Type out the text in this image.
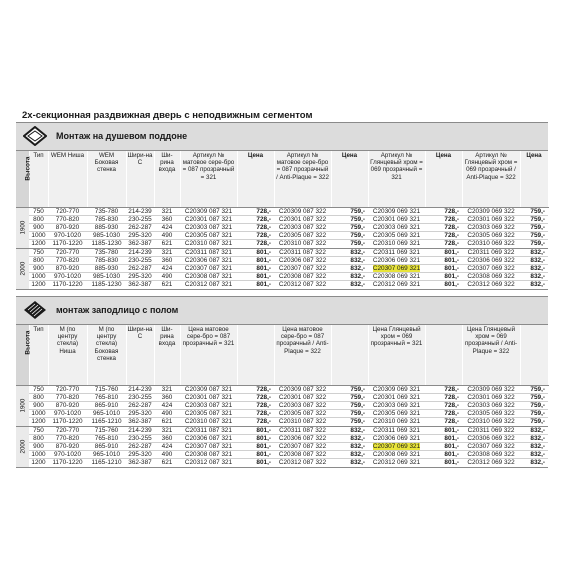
2х-секционная раздвижная дверь с неподвижным сегментом
Монтаж на душевом поддоне
Высота	Тип	WEM Ниша	WEM Боковая стенка	Шири-на С	Ши-рина входа	Артикул № матовое сере-бро = 087 прозрачный = 321	Цена	Артикул № матовое сере-бро = 087 прозрачный / Anti-Plaque = 322	Цена	Артикул № Глянцевый хром = 069 прозрачный = 321	Цена	Артикул № Глянцевый хром = 069 прозрачный / Anti-Plaque = 322	Цена
1900	750	720-770	735-780	214-239	321	C20309 087 321	728,-	C20309 087 322	759,-	C20309 069 321	728,-	C20309 069 322	759,-
	800	770-820	785-830	230-255	360	C20301 087 321	728,-	C20301 087 322	759,-	C20301 069 321	728,-	C20301 069 322	759,-
	900	870-920	885-930	262-287	424	C20303 087 321	728,-	C20303 087 322	759,-	C20303 069 321	728,-	C20303 069 322	759,-
	1000	970-1020	985-1030	295-320	490	C20305 087 321	728,-	C20305 087 322	759,-	C20305 069 321	728,-	C20305 069 322	759,-
	1200	1170-1220	1185-1230	362-387	621	C20310 087 321	728,-	C20310 087 322	759,-	C20310 069 321	728,-	C20310 069 322	759,-
2000	750	720-770	735-780	214-239	321	C20311 087 321	801,-	C20311 087 322	832,-	C20311 069 321	801,-	C20311 069 322	832,-
	800	770-820	785-830	230-255	360	C20306 087 321	801,-	C20306 087 322	832,-	C20306 069 321	801,-	C20306 069 322	832,-
	900	870-920	885-930	262-287	424	C20307 087 321	801,-	C20307 087 322	832,-	C20307 069 321	801,-	C20307 069 322	832,-
	1000	970-1020	985-1030	295-320	490	C20308 087 321	801,-	C20308 087 322	832,-	C20308 069 321	801,-	C20308 069 322	832,-
	1200	1170-1220	1185-1230	362-387	621	C20312 087 321	801,-	C20312 087 322	832,-	C20312 069 321	801,-	C20312 069 322	832,-
монтаж заподлицо с полом
Высота	Тип	М (по центру стекла) Ниша	М (по центру стекла) Боковая стенка	Шири-на С	Ши-рина входа	Цена матовое сере-бро = 087 прозрачный = 321		Цена матовое сере-бро = 087 прозрачный / Anti-Plaque = 322		Цена Глянцевый хром = 069 прозрачный = 321		Цена Глянцевый хром = 069 прозрачный / Anti-Plaque = 322	
1900	750	720-770	715-760	214-239	321	C20309 087 321	728,-	C20309 087 322	759,-	C20309 069 321	728,-	C20309 069 322	759,-
	800	770-820	765-810	230-255	360	C20301 087 321	728,-	C20301 087 322	759,-	C20301 069 321	728,-	C20301 069 322	759,-
	900	870-920	865-910	262-287	424	C20303 087 321	728,-	C20303 087 322	759,-	C20303 069 321	728,-	C20303 069 322	759,-
	1000	970-1020	965-1010	295-320	490	C20305 087 321	728,-	C20305 087 322	759,-	C20305 069 321	728,-	C20305 069 322	759,-
	1200	1170-1220	1165-1210	362-387	621	C20310 087 321	728,-	C20310 087 322	759,-	C20310 069 321	728,-	C20310 069 322	759,-
2000	750	720-770	715-760	214-239	321	C20311 087 321	801,-	C20311 087 322	832,-	C20311 069 321	801,-	C20311 069 322	832,-
	800	770-820	765-810	230-255	360	C20306 087 321	801,-	C20306 087 322	832,-	C20306 069 321	801,-	C20306 069 322	832,-
	900	870-920	865-910	262-287	424	C20307 087 321	801,-	C20307 087 322	832,-	C20307 069 321	801,-	C20307 069 322	832,-
	1000	970-1020	965-1010	295-320	490	C20308 087 321	801,-	C20308 087 322	832,-	C20308 069 321	801,-	C20308 069 322	832,-
	1200	1170-1220	1165-1210	362-387	621	C20312 087 321	801,-	C20312 087 322	832,-	C20312 069 321	801,-	C20312 069 322	832,-
